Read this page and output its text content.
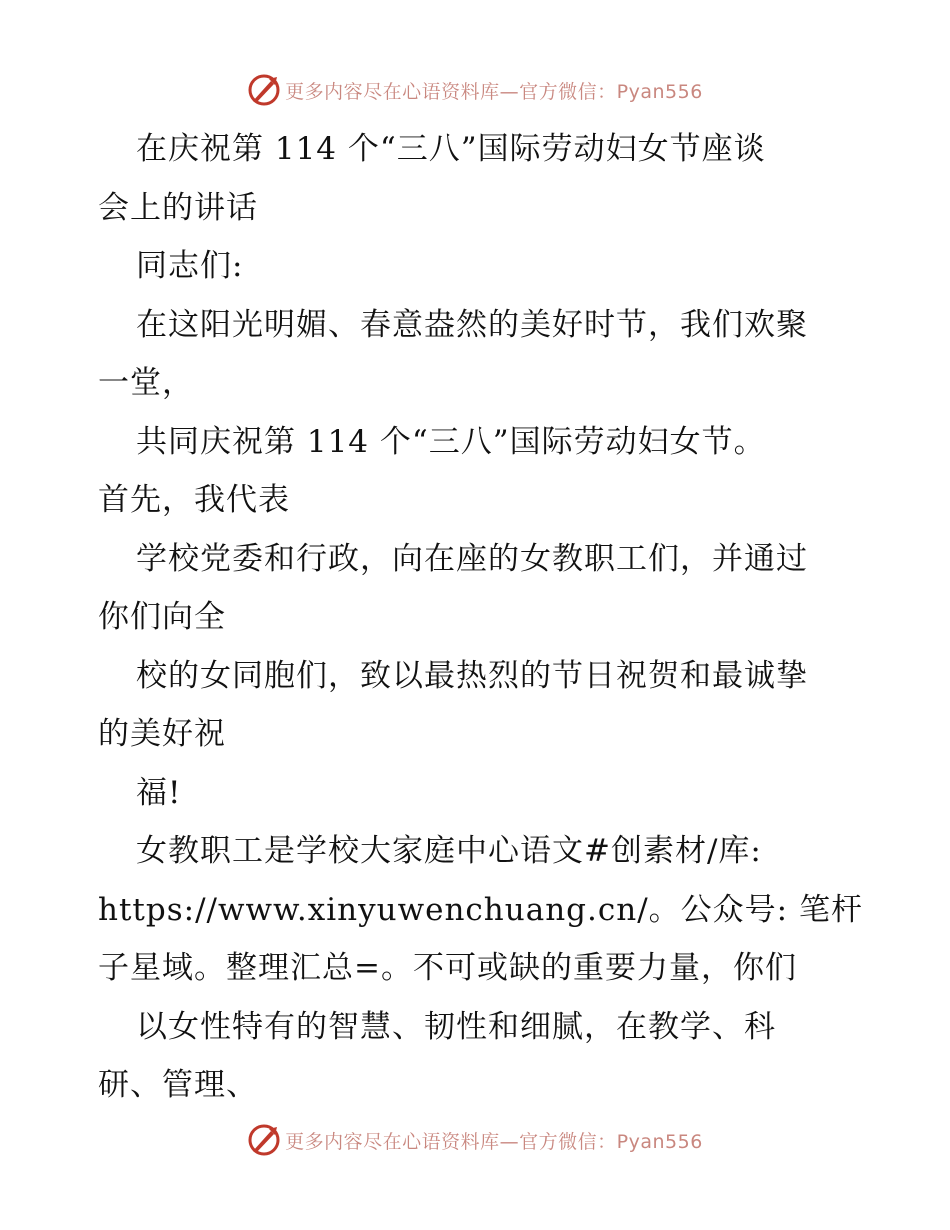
更多内容尽在心语资料库—官方微信：Pyan556
在庆祝第 114 个“三八”国际劳动妇女节座谈
会上的讲话
同志们:
在这阳光明媚、春意盎然的美好时节，我们欢聚
一堂，
共同庆祝第 114 个“三八”国际劳动妇女节。
首先，我代表
学校党委和行政，向在座的女教职工们，并通过
你们向全
校的女同胞们，致以最热烈的节日祝贺和最诚挚
的美好祝
福!
女教职工是学校大家庭中心语文#创素材/库:
https://www.xinyuwenchuang.cn/。公众号: 笔杆
子星域。整理汇总=。不可或缺的重要力量，你们
以女性特有的智慧、韧性和细腻，在教学、科
研、管理、
更多内容尽在心语资料库—官方微信：Pyan556
